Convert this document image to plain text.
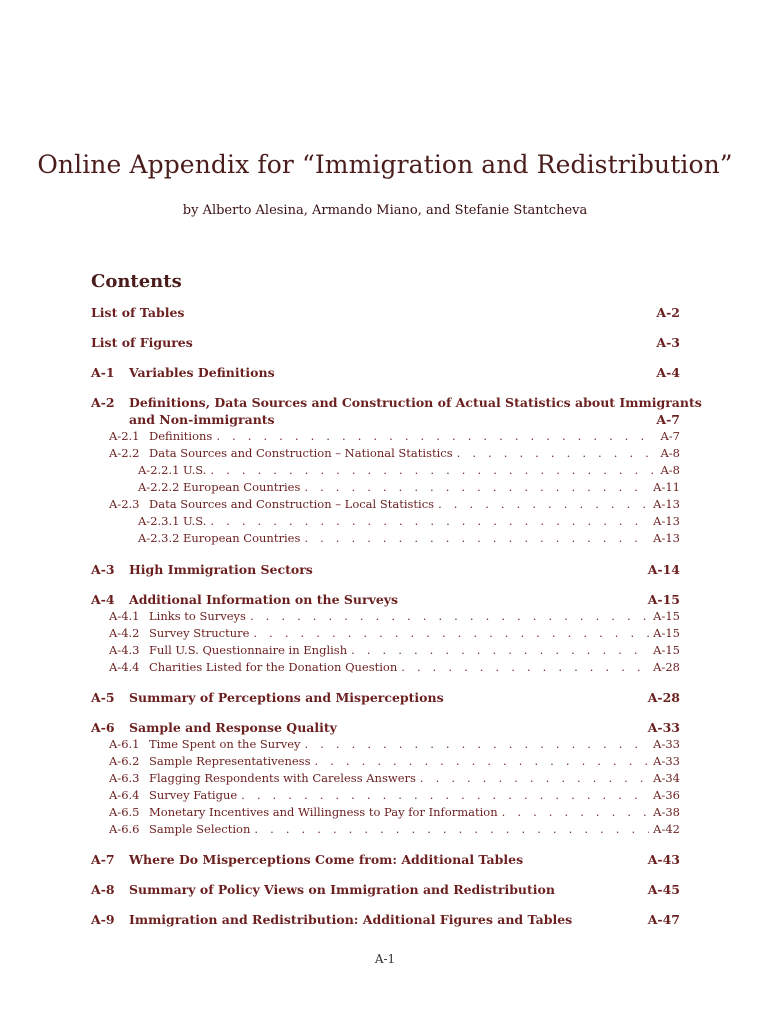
Online Appendix for “Immigration and Redistribution”
by Alberto Alesina, Armando Miano, and Stefanie Stantcheva
Contents
List of Tables	A-2
List of Figures	A-3
A-1	Variables Definitions	A-4
A-2	Definitions, Data Sources and Construction of Actual Statistics about Immigrants
and Non-immigrants	A-7
A-2.1 Definitions . . .	A-7
A-2.2 Data Sources and Construction – National Statistics . . .	A-8
A-2.2.1 U.S. . . .	A-8
A-2.2.2 European Countries . . .	A-11
A-2.3 Data Sources and Construction – Local Statistics . . .	A-13
A-2.3.1 U.S. . . .	A-13
A-2.3.2 European Countries . . .	A-13
A-3	High Immigration Sectors	A-14
A-4	Additional Information on the Surveys	A-15
A-4.1 Links to Surveys . . .	A-15
A-4.2 Survey Structure . . .	A-15
A-4.3 Full U.S. Questionnaire in English . . .	A-15
A-4.4 Charities Listed for the Donation Question . . .	A-28
A-5	Summary of Perceptions and Misperceptions	A-28
A-6	Sample and Response Quality	A-33
A-6.1 Time Spent on the Survey . . .	A-33
A-6.2 Sample Representativeness . . .	A-33
A-6.3 Flagging Respondents with Careless Answers . . .	A-34
A-6.4 Survey Fatigue . . .	A-36
A-6.5 Monetary Incentives and Willingness to Pay for Information . . .	A-38
A-6.6 Sample Selection . . .	A-42
A-7	Where Do Misperceptions Come from: Additional Tables	A-43
A-8	Summary of Policy Views on Immigration and Redistribution	A-45
A-9	Immigration and Redistribution: Additional Figures and Tables	A-47
A-1
